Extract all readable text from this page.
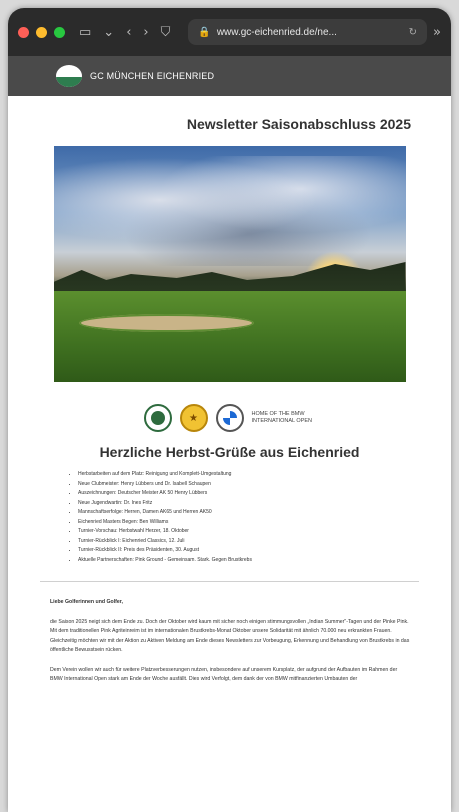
▭ ⌄ ‹ › ⛉	🔒 www.gc-eichenried.de/ne...	↻ »
GC MÜNCHEN EICHENRIED
Newsletter Saisonabschluss 2025
★	HOME OF THE BMW INTERNATIONAL OPEN
Herzliche Herbst-Grüße aus Eichenried
• Herbstarbeiten auf dem Platz: Reinigung und Komplett-Umgestaltung
• Neue Clubmeister: Henry Lübbers und Dr. Isabell Schaupen
• Auszeichnungen: Deutscher Meister AK 50 Henry Lübbers
• Neue Jugendwartin: Dr. Ines Fritz
• Mannschaftserfolge: Herren, Damen AK65 und Herren AK50
• Eichenried Masters Begen: Ben Williams
• Turnier-Vorschau: Herbstwahl Herzer, 18. Oktober
• Turnier-Rückblick I: Eichenried Classics, 12. Juli
• Turnier-Rückblick II: Preis des Präsidenten, 30. August
• Aktuelle Partnerschaften: Pink Ground - Gemeinsam. Stark. Gegen Brustkrebs

Liebe Golferinnen und Golfer,

die Saison 2025 neigt sich dem Ende zu. Doch der Oktober wird kaum mit sicher noch einigen stimmungsvollen „Indian Summer"-Tagen und der Pinke Pink. Mit dem traditionellen Pink Agriteinreim ist im internationalen Brustkrebs-Monat Oktober unsere Solidarität mit ähnlich 70.000 neu erkrankten Frauen. Gleichzeitig möchten wir mit der Aktion zu Aktiven Meldung am Ende dieses Newsletters zur Vorbeugung, Erkennung und Behandlung von Brustkrebs in das öffentliche Bewusstsein rücken.

Dem Verein wollen wir auch für weitere Platzverbesserungen nutzen, insbesondere auf unserem Kursplatz, der aufgrund der Aufbauten im Rahmen der BMW International Open stark am Ende der Woche ausfällt. Dies wird Verfolgt, dem dank der von BMW mitfinanzierten Umbauten der
